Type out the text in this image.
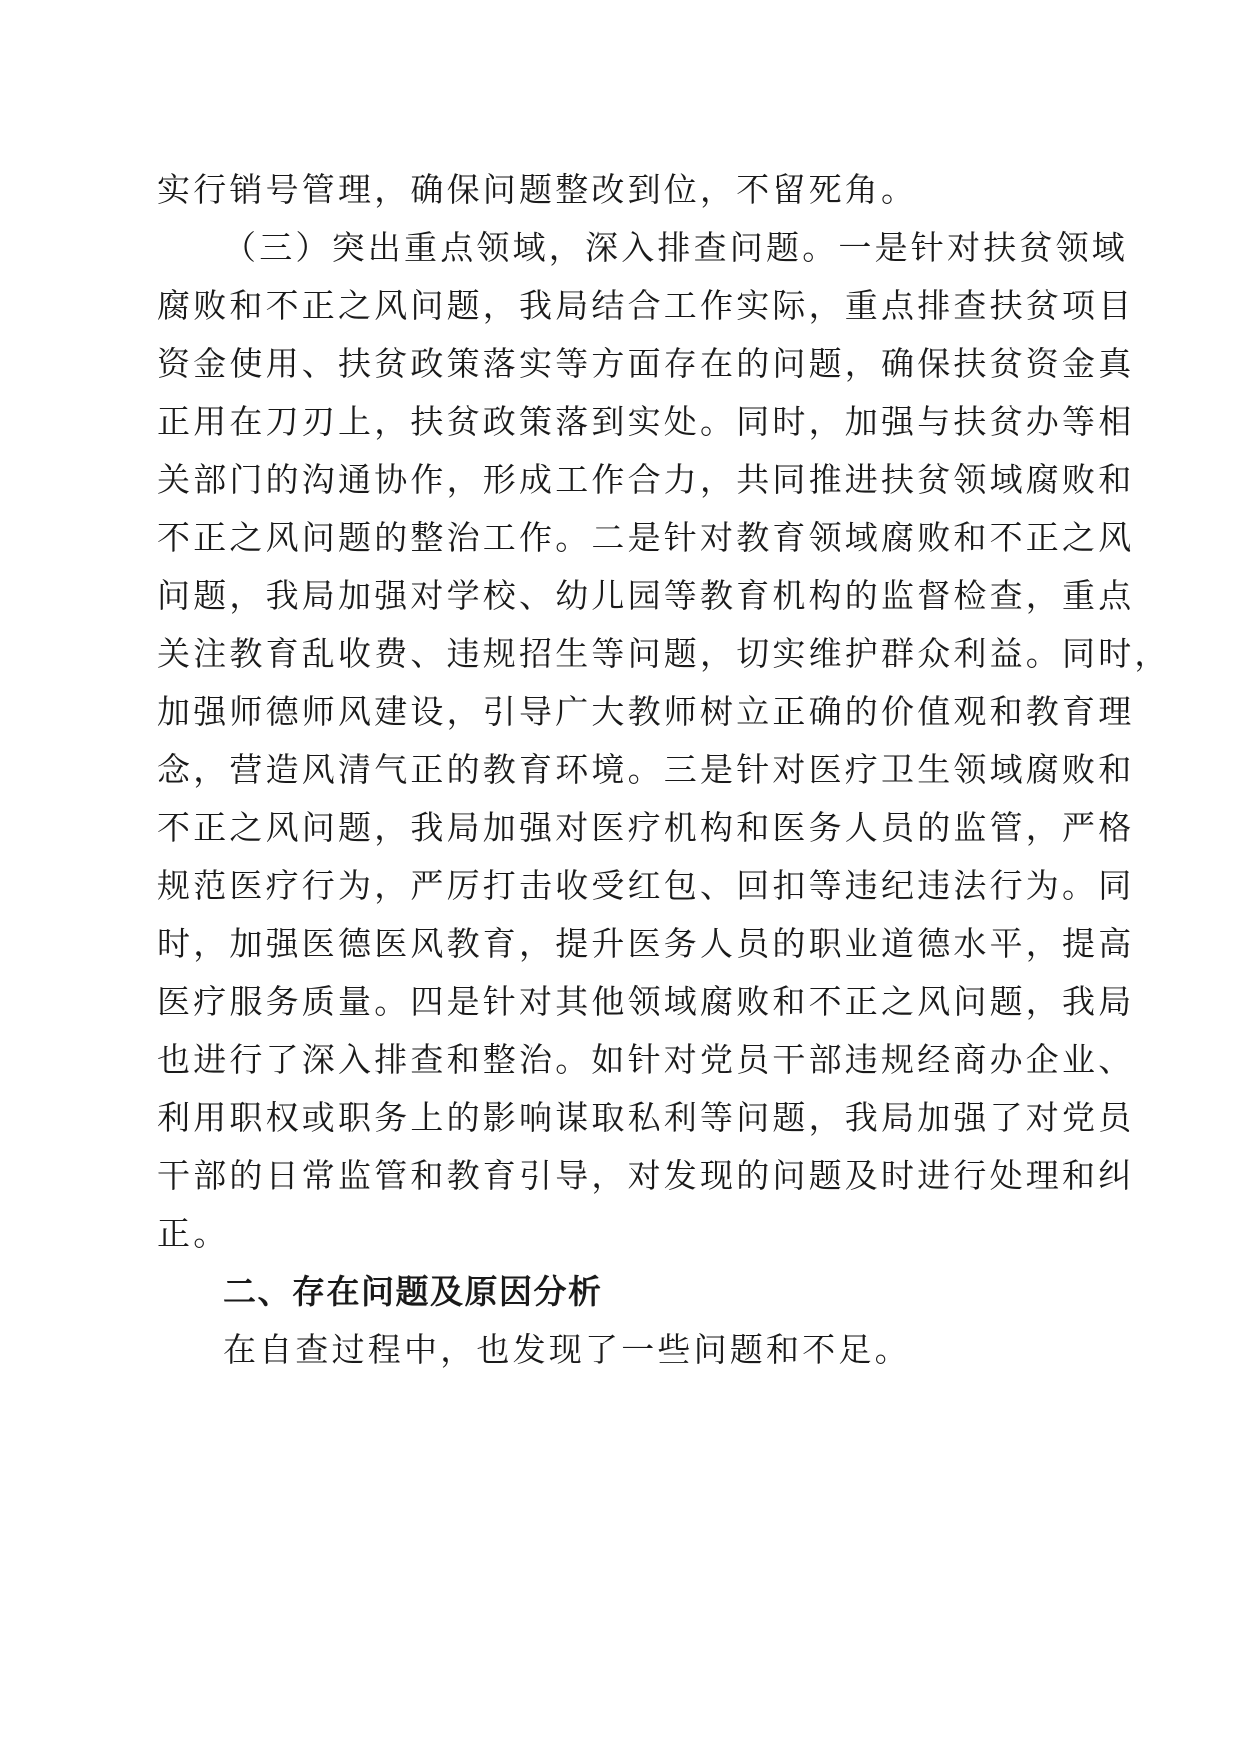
实行销号管理，确保问题整改到位，不留死角。
（三）突出重点领域，深入排查问题。一是针对扶贫领域
腐败和不正之风问题，我局结合工作实际，重点排查扶贫项目
资金使用、扶贫政策落实等方面存在的问题，确保扶贫资金真
正用在刀刃上，扶贫政策落到实处。同时，加强与扶贫办等相
关部门的沟通协作，形成工作合力，共同推进扶贫领域腐败和
不正之风问题的整治工作。二是针对教育领域腐败和不正之风
问题，我局加强对学校、幼儿园等教育机构的监督检查，重点
关注教育乱收费、违规招生等问题，切实维护群众利益。同时，
加强师德师风建设，引导广大教师树立正确的价值观和教育理
念，营造风清气正的教育环境。三是针对医疗卫生领域腐败和
不正之风问题，我局加强对医疗机构和医务人员的监管，严格
规范医疗行为，严厉打击收受红包、回扣等违纪违法行为。同
时，加强医德医风教育，提升医务人员的职业道德水平，提高
医疗服务质量。四是针对其他领域腐败和不正之风问题，我局
也进行了深入排查和整治。如针对党员干部违规经商办企业、
利用职权或职务上的影响谋取私利等问题，我局加强了对党员
干部的日常监管和教育引导，对发现的问题及时进行处理和纠
正。
二、存在问题及原因分析
在自查过程中，也发现了一些问题和不足。
